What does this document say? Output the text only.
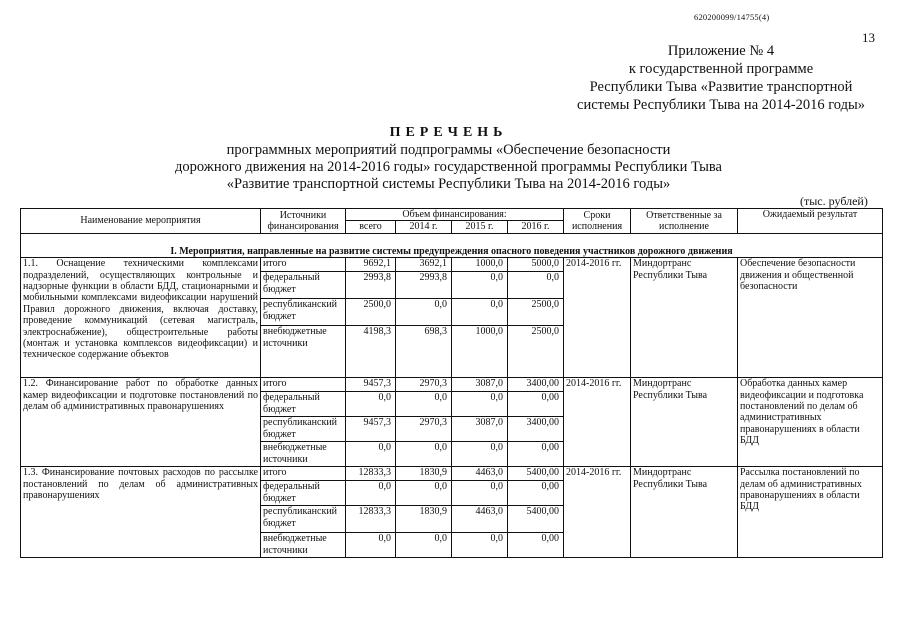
620200099/14755(4)
13
Приложение № 4
к государственной программе
Республики Тыва «Развитие транспортной
системы Республики Тыва на 2014-2016 годы»
ПЕРЕЧЕНЬ
программных мероприятий подпрограммы «Обеспечение безопасности
дорожного движения на 2014-2016 годы» государственной программы Республики Тыва
«Развитие транспортной системы Республики Тыва на 2014-2016 годы»
(тыс. рублей)
Наименование мероприятия	Источники финансирования	Объем финансирования:				Сроки исполнения	Ответственные за исполнение	Ожидаемый результат
		всего	2014 г.	2015 г.	2016 г.			

I. Мероприятия, направленные на развитие системы предупреждения опасного поведения участников дорожного движения								
1.1. Оснащение техническими комплексами подразделений, осуществляющих контрольные и надзорные функции в области БДД, стационарными и мобильными комплексами видеофиксации нарушений Правил дорожного движения, включая доставку, проведение коммуникаций (сетевая магистраль, электроснабжение), общестроительные работы (монтаж и установка комплексов видеофиксации) и техническое содержание объектов	итого	9692,1	3692,1	1000,0	5000,0	2014-2016 гг.	Миндортранс Республики Тыва	Обеспечение безопасности движения и общественной безопасности
	федеральный бюджет	2993,8	2993,8	0,0	0,0			
	республиканский бюджет	2500,0	0,0	0,0	2500,0			
	внебюджетные источники	4198,3	698,3	1000,0	2500,0			
1.2. Финансирование работ по обработке данных камер видеофиксации и подготовке постановлений по делам об административных правонарушениях	итого	9457,3	2970,3	3087,0	3400,00	2014-2016 гг.	Миндортранс Республики Тыва	Обработка данных камер видеофиксации и подготовка постановлений по делам об административных правонарушениях в области БДД
	федеральный бюджет	0,0	0,0	0,0	0,00			
	республиканский бюджет	9457,3	2970,3	3087,0	3400,00			
	внебюджетные источники	0,0	0,0	0,0	0,00			
1.3. Финансирование почтовых расходов по рассылке постановлений по делам об административных правонарушениях	итого	12833,3	1830,9	4463,0	5400,00	2014-2016 гг.	Миндортранс Республики Тыва	Рассылка постановлений по делам об административных правонарушениях в области БДД
	федеральный бюджет	0,0	0,0	0,0	0,00			
	республиканский бюджет	12833,3	1830,9	4463,0	5400,00			
	внебюджетные источники	0,0	0,0	0,0	0,00			
